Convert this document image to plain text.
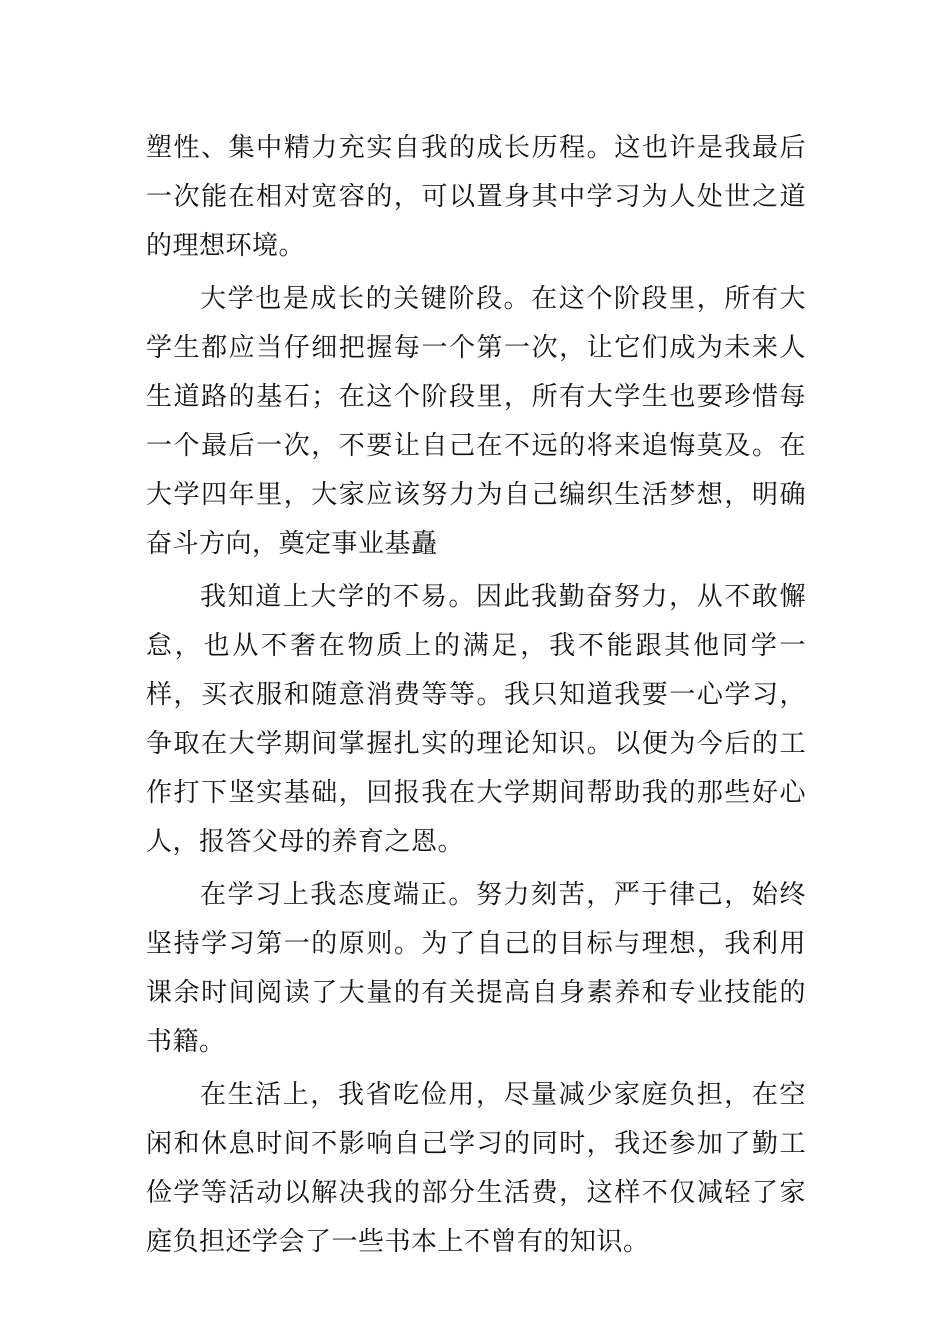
塑性、集中精力充实自我的成长历程。这也许是我最后一次能在相对宽容的，可以置身其中学习为人处世之道的理想环境。

大学也是成长的关键阶段。在这个阶段里，所有大学生都应当仔细把握每一个第一次，让它们成为未来人生道路的基石；在这个阶段里，所有大学生也要珍惜每一个最后一次，不要让自己在不远的将来追悔莫及。在大学四年里，大家应该努力为自己编织生活梦想，明确奋斗方向，奠定事业基矗

我知道上大学的不易。因此我勤奋努力，从不敢懈怠，也从不奢在物质上的满足，我不能跟其他同学一样，买衣服和随意消费等等。我只知道我要一心学习，争取在大学期间掌握扎实的理论知识。以便为今后的工作打下坚实基础，回报我在大学期间帮助我的那些好心人，报答父母的养育之恩。

在学习上我态度端正。努力刻苦，严于律己，始终坚持学习第一的原则。为了自己的目标与理想，我利用课余时间阅读了大量的有关提高自身素养和专业技能的书籍。

在生活上，我省吃俭用，尽量减少家庭负担，在空闲和休息时间不影响自己学习的同时，我还参加了勤工俭学等活动以解决我的部分生活费，这样不仅减轻了家庭负担还学会了一些书本上不曾有的知识。
